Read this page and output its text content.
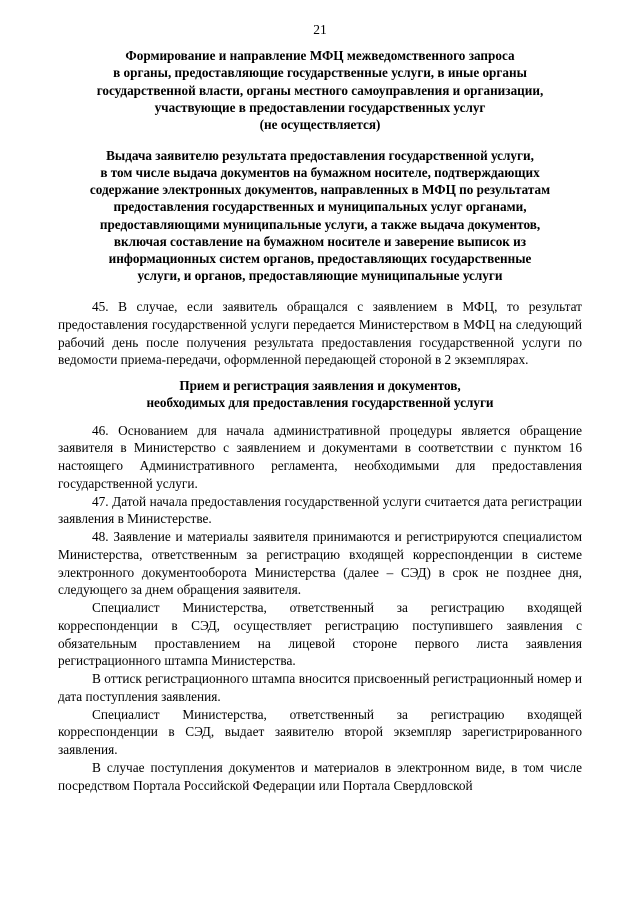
21
Формирование и направление МФЦ межведомственного запроса
в органы, предоставляющие государственные услуги, в иные органы
государственной власти, органы местного самоуправления и организации,
участвующие в предоставлении государственных услуг
(не осуществляется)
Выдача заявителю результата предоставления государственной услуги,
в том числе выдача документов на бумажном носителе, подтверждающих
содержание электронных документов, направленных в МФЦ по результатам
предоставления государственных и муниципальных услуг органами,
предоставляющими муниципальные услуги, а также выдача документов,
включая составление на бумажном носителе и заверение выписок из
информационных систем органов, предоставляющих государственные
услуги, и органов, предоставляющие муниципальные услуги

45. В случае, если заявитель обращался с заявлением в МФЦ, то результат предоставления государственной услуги передается Министерством в МФЦ на следующий рабочий день после получения результата предоставления государственной услуги по ведомости приема-передачи, оформленной передающей стороной в 2 экземплярах.

Прием и регистрация заявления и документов,
необходимых для предоставления государственной услуги

46. Основанием для начала административной процедуры является обращение заявителя в Министерство с заявлением и документами в соответствии с пунктом 16 настоящего Административного регламента, необходимыми для предоставления государственной услуги.

47. Датой начала предоставления государственной услуги считается дата регистрации заявления в Министерстве.

48. Заявление и материалы заявителя принимаются и регистрируются специалистом Министерства, ответственным за регистрацию входящей корреспонденции в системе электронного документооборота Министерства (далее – СЭД) в срок не позднее дня, следующего за днем обращения заявителя.

Специалист Министерства, ответственный за регистрацию входящей корреспонденции в СЭД, осуществляет регистрацию поступившего заявления с обязательным проставлением на лицевой стороне первого листа заявления регистрационного штампа Министерства.

В оттиск регистрационного штампа вносится присвоенный регистрационный номер и дата поступления заявления.

Специалист Министерства, ответственный за регистрацию входящей корреспонденции в СЭД, выдает заявителю второй экземпляр зарегистрированного заявления.

В случае поступления документов и материалов в электронном виде, в том числе посредством Портала Российской Федерации или Портала Свердловской
